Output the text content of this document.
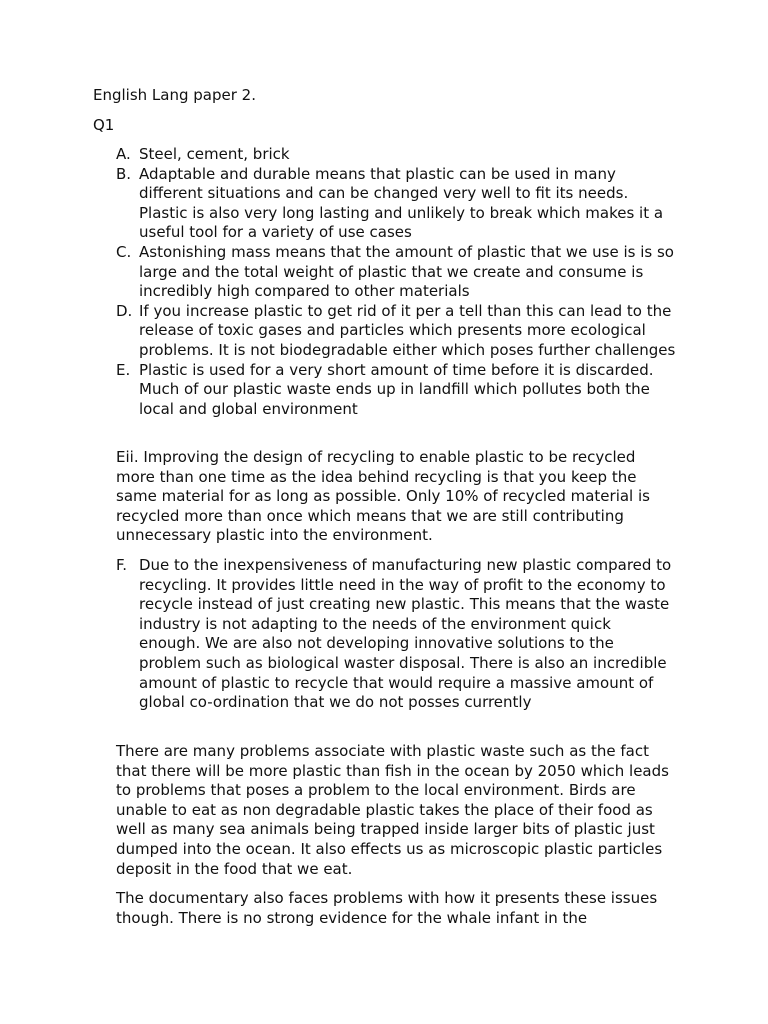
English Lang paper 2.

Q1

A. Steel, cement, brick
B. Adaptable and durable means that plastic can be used in many different situations and can be changed very well to fit its needs. Plastic is also very long lasting and unlikely to break which makes it a useful tool for a variety of use cases
C. Astonishing mass means that the amount of plastic that we use is is so large and the total weight of plastic that we create and consume is incredibly high compared to other materials
D. If you increase plastic to get rid of it per a tell than this can lead to the release of toxic gases and particles which presents more ecological problems. It is not biodegradable either which poses further challenges
E. Plastic is used for a very short amount of time before it is discarded. Much of our plastic waste ends up in landfill which pollutes both the local and global environment

Eii. Improving the design of recycling to enable plastic to be recycled more than one time as the idea behind recycling is that you keep the same material for as long as possible. Only 10% of recycled material is recycled more than once which means that we are still contributing unnecessary plastic into the environment.

F. Due to the inexpensiveness of manufacturing new plastic compared to recycling. It provides little need in the way of profit to the economy to recycle instead of just creating new plastic. This means that the waste industry is not adapting to the needs of the environment quick enough. We are also not developing innovative solutions to the problem such as biological waster disposal. There is also an incredible amount of plastic to recycle that would require a massive amount of global co-ordination that we do not posses currently

There are many problems associate with plastic waste such as the fact that there will be more plastic than fish in the ocean by 2050 which leads to problems that poses a problem to the local environment. Birds are unable to eat as non degradable plastic takes the place of their food as well as many sea animals being trapped inside larger bits of plastic just dumped into the ocean. It also effects us as microscopic plastic particles deposit in the food that we eat.

The documentary also faces problems with how it presents these issues though. There is no strong evidence for the whale infant in the
